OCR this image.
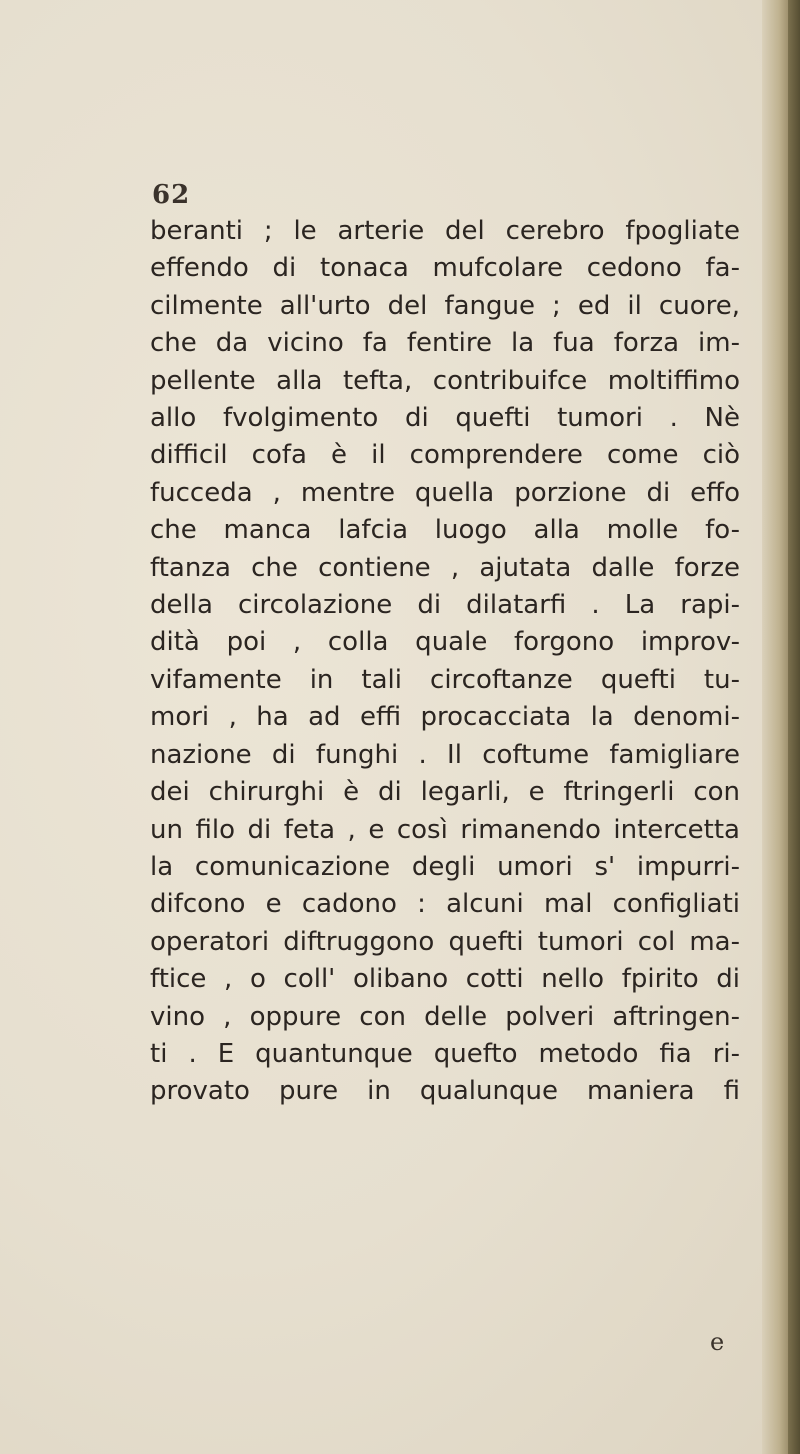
62
beranti ; le arterie del cerebro fpogliate
effendo di tonaca mufcolare cedono fa-
cilmente all'urto del fangue ; ed il cuore,
che da vicino fa fentire la fua forza im-
pellente alla tefta, contribuifce moltiffimo
allo fvolgimento di quefti tumori . Nè
difficil cofa è il comprendere come ciò
fucceda , mentre quella porzione di effo
che manca lafcia luogo alla molle fo-
ftanza che contiene , ajutata dalle forze
della circolazione di dilatarfi . La rapi-
dità poi , colla quale forgono improv-
vifamente in tali circoftanze quefti tu-
mori , ha ad effi procacciata la denomi-
nazione di funghi . Il coftume famigliare
dei chirurghi è di legarli, e ftringerli con
un filo di feta , e così rimanendo intercetta
la comunicazione degli umori s' impurri-
difcono e cadono : alcuni mal configliati
operatori diftruggono quefti tumori col ma-
ftice , o coll' olibano cotti nello fpirito di
vino , oppure con delle polveri aftringen-
ti . E quantunque quefto metodo fia ri-
provato pure in qualunque maniera fi
e
